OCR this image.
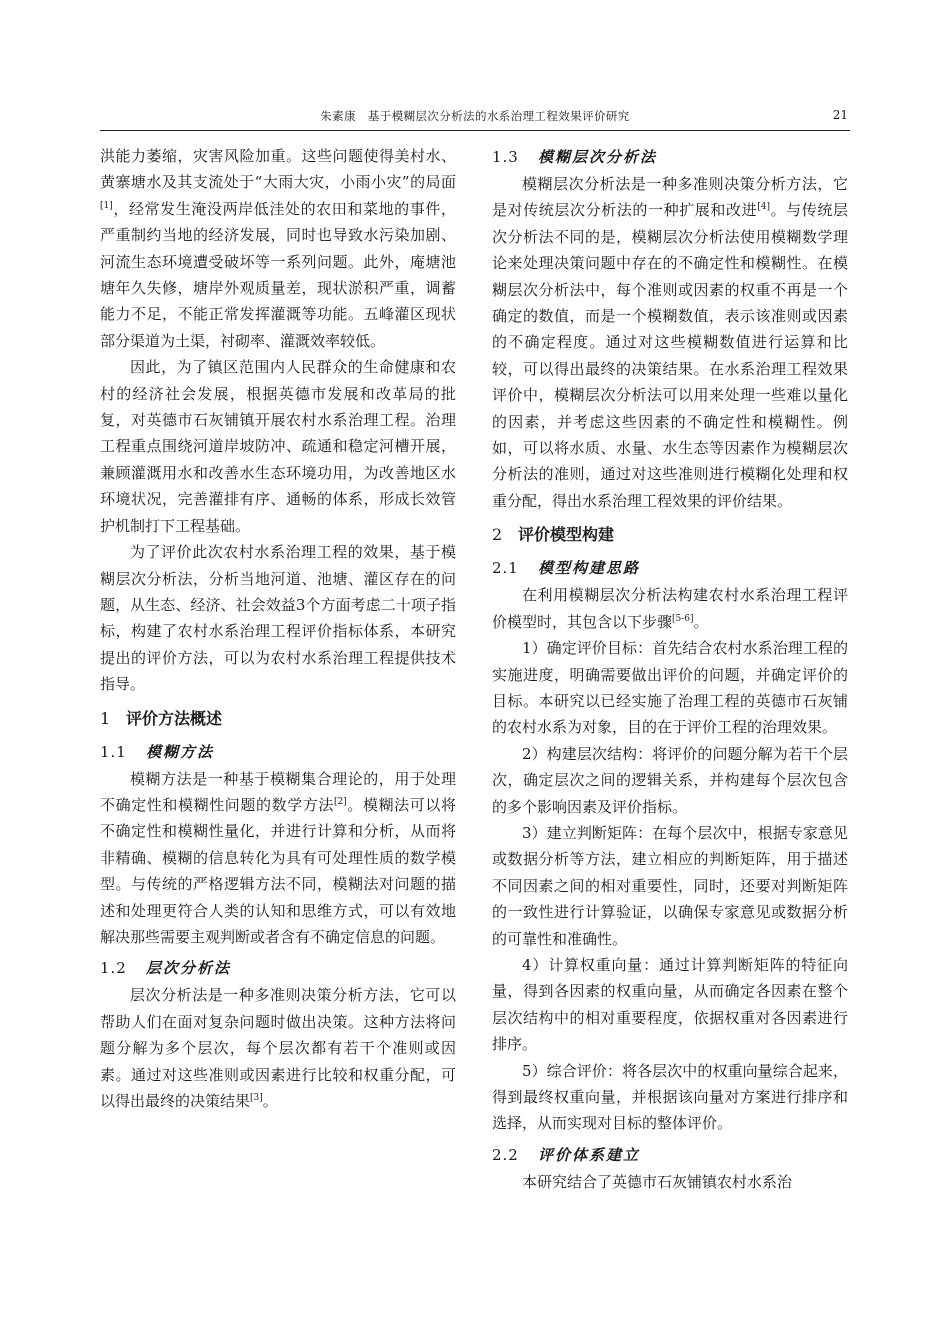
朱素康　基于模糊层次分析法的水系治理工程效果评价研究	21

洪能力萎缩，灾害风险加重。这些问题使得美村水、黄寨塘水及其支流处于“大雨大灾，小雨小灾”的局面[1]，经常发生淹没两岸低洼处的农田和菜地的事件，严重制约当地的经济发展，同时也导致水污染加剧、河流生态环境遭受破坏等一系列问题。此外，庵塘池塘年久失修，塘岸外观质量差，现状淤积严重，调蓄能力不足，不能正常发挥灌溉等功能。五峰灌区现状部分渠道为土渠，衬砌率、灌溉效率较低。

因此，为了镇区范围内人民群众的生命健康和农村的经济社会发展，根据英德市发展和改革局的批复，对英德市石灰铺镇开展农村水系治理工程。治理工程重点围绕河道岸坡防冲、疏通和稳定河槽开展，兼顾灌溉用水和改善水生态环境功用，为改善地区水环境状况，完善灌排有序、通畅的体系，形成长效管护机制打下工程基础。

为了评价此次农村水系治理工程的效果，基于模糊层次分析法，分析当地河道、池塘、灌区存在的问题，从生态、经济、社会效益3个方面考虑二十项子指标，构建了农村水系治理工程评价指标体系，本研究提出的评价方法，可以为农村水系治理工程提供技术指导。

1 评价方法概述
1.1 模糊方法

模糊方法是一种基于模糊集合理论的，用于处理不确定性和模糊性问题的数学方法[2]。模糊法可以将不确定性和模糊性量化，并进行计算和分析，从而将非精确、模糊的信息转化为具有可处理性质的数学模型。与传统的严格逻辑方法不同，模糊法对问题的描述和处理更符合人类的认知和思维方式，可以有效地解决那些需要主观判断或者含有不确定信息的问题。

1.2 层次分析法

层次分析法是一种多准则决策分析方法，它可以帮助人们在面对复杂问题时做出决策。这种方法将问题分解为多个层次，每个层次都有若干个准则或因素。通过对这些准则或因素进行比较和权重分配，可以得出最终的决策结果[3]。

1.3 模糊层次分析法

模糊层次分析法是一种多准则决策分析方法，它是对传统层次分析法的一种扩展和改进[4]。与传统层次分析法不同的是，模糊层次分析法使用模糊数学理论来处理决策问题中存在的不确定性和模糊性。在模糊层次分析法中，每个准则或因素的权重不再是一个确定的数值，而是一个模糊数值，表示该准则或因素的不确定程度。通过对这些模糊数值进行运算和比较，可以得出最终的决策结果。在水系治理工程效果评价中，模糊层次分析法可以用来处理一些难以量化的因素，并考虑这些因素的不确定性和模糊性。例如，可以将水质、水量、水生态等因素作为模糊层次分析法的准则，通过对这些准则进行模糊化处理和权重分配，得出水系治理工程效果的评价结果。

2 评价模型构建
2.1 模型构建思路

在利用模糊层次分析法构建农村水系治理工程评价模型时，其包含以下步骤[5-6]。

1）确定评价目标：首先结合农村水系治理工程的实施进度，明确需要做出评价的问题，并确定评价的目标。本研究以已经实施了治理工程的英德市石灰铺的农村水系为对象，目的在于评价工程的治理效果。

2）构建层次结构：将评价的问题分解为若干个层次，确定层次之间的逻辑关系，并构建每个层次包含的多个影响因素及评价指标。

3）建立判断矩阵：在每个层次中，根据专家意见或数据分析等方法，建立相应的判断矩阵，用于描述不同因素之间的相对重要性，同时，还要对判断矩阵的一致性进行计算验证，以确保专家意见或数据分析的可靠性和准确性。

4）计算权重向量：通过计算判断矩阵的特征向量，得到各因素的权重向量，从而确定各因素在整个层次结构中的相对重要程度，依据权重对各因素进行排序。

5）综合评价：将各层次中的权重向量综合起来，得到最终权重向量，并根据该向量对方案进行排序和选择，从而实现对目标的整体评价。

2.2 评价体系建立

本研究结合了英德市石灰铺镇农村水系治
